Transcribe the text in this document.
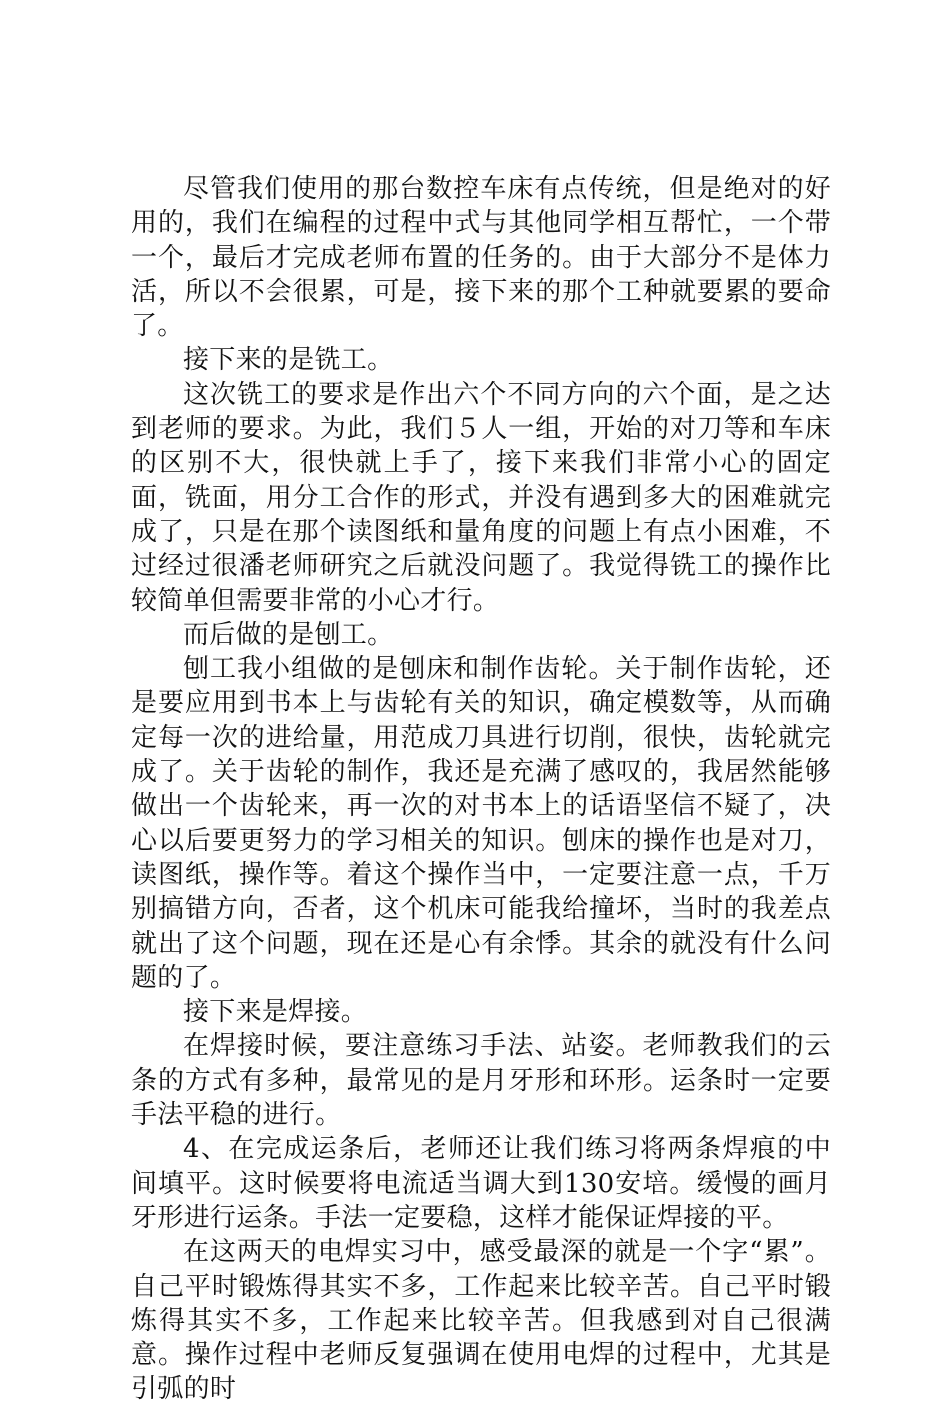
尽管我们使用的那台数控车床有点传统，但是绝对的好用的，我们在编程的过程中式与其他同学相互帮忙，一个带一个，最后才完成老师布置的任务的。由于大部分不是体力活，所以不会很累，可是，接下来的那个工种就要累的要命了。

接下来的是铣工。

这次铣工的要求是作出六个不同方向的六个面，是之达到老师的要求。为此，我们５人一组，开始的对刀等和车床的区别不大，很快就上手了，接下来我们非常小心的固定面，铣面，用分工合作的形式，并没有遇到多大的困难就完成了，只是在那个读图纸和量角度的问题上有点小困难，不过经过很潘老师研究之后就没问题了。我觉得铣工的操作比较简单但需要非常的小心才行。

而后做的是刨工。

刨工我小组做的是刨床和制作齿轮。关于制作齿轮，还是要应用到书本上与齿轮有关的知识，确定模数等，从而确定每一次的进给量，用范成刀具进行切削，很快，齿轮就完成了。关于齿轮的制作，我还是充满了感叹的，我居然能够做出一个齿轮来，再一次的对书本上的话语坚信不疑了，决心以后要更努力的学习相关的知识。刨床的操作也是对刀，读图纸，操作等。着这个操作当中，一定要注意一点，千万别搞错方向，否者，这个机床可能我给撞坏，当时的我差点就出了这个问题，现在还是心有余悸。其余的就没有什么问题的了。

接下来是焊接。

在焊接时候，要注意练习手法、站姿。老师教我们的云条的方式有多种，最常见的是月牙形和环形。运条时一定要手法平稳的进行。

4、在完成运条后，老师还让我们练习将两条焊痕的中间填平。这时候要将电流适当调大到130安培。缓慢的画月牙形进行运条。手法一定要稳，这样才能保证焊接的平。

在这两天的电焊实习中，感受最深的就是一个字“累”。自己平时锻炼得其实不多，工作起来比较辛苦。自己平时锻炼得其实不多，工作起来比较辛苦。但我感到对自己很满意。操作过程中老师反复强调在使用电焊的过程中，尤其是引弧的时
